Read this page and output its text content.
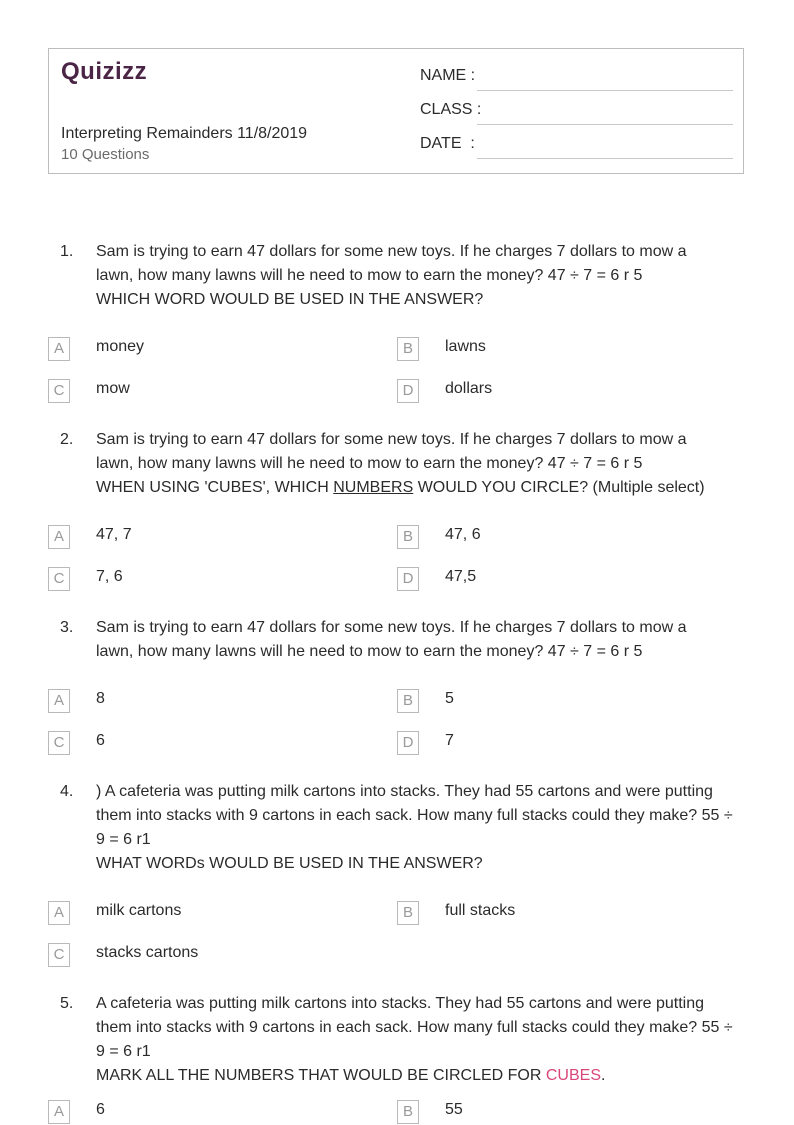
Quizizz
Interpreting Remainders 11/8/2019
10 Questions
NAME :
CLASS :
DATE  :
1.	Sam is trying to earn 47 dollars for some new toys. If he charges 7 dollars to mow a
lawn, how many lawns will he need to mow to earn the money? 47 ÷ 7 = 6 r 5
WHICH WORD WOULD BE USED IN THE ANSWER?
A	money	B	lawns
C	mow	D	dollars
2.	Sam is trying to earn 47 dollars for some new toys. If he charges 7 dollars to mow a
lawn, how many lawns will he need to mow to earn the money? 47 ÷ 7 = 6 r 5
WHEN USING 'CUBES', WHICH NUMBERS WOULD YOU CIRCLE? (Multiple select)
A	47, 7	B	47, 6
C	7, 6	D	47,5
3.	Sam is trying to earn 47 dollars for some new toys. If he charges 7 dollars to mow a
lawn, how many lawns will he need to mow to earn the money? 47 ÷ 7 = 6 r 5
A	8	B	5
C	6	D	7
4.	) A cafeteria was putting milk cartons into stacks. They had 55 cartons and were putting
them into stacks with 9 cartons in each sack. How many full stacks could they make? 55 ÷
9 = 6 r1
WHAT WORDs WOULD BE USED IN THE ANSWER?
A	milk cartons	B	full stacks
C	stacks cartons
5.	A cafeteria was putting milk cartons into stacks. They had 55 cartons and were putting
them into stacks with 9 cartons in each sack. How many full stacks could they make? 55 ÷
9 = 6 r1
MARK ALL THE NUMBERS THAT WOULD BE CIRCLED FOR CUBES.
A	6	B	55
